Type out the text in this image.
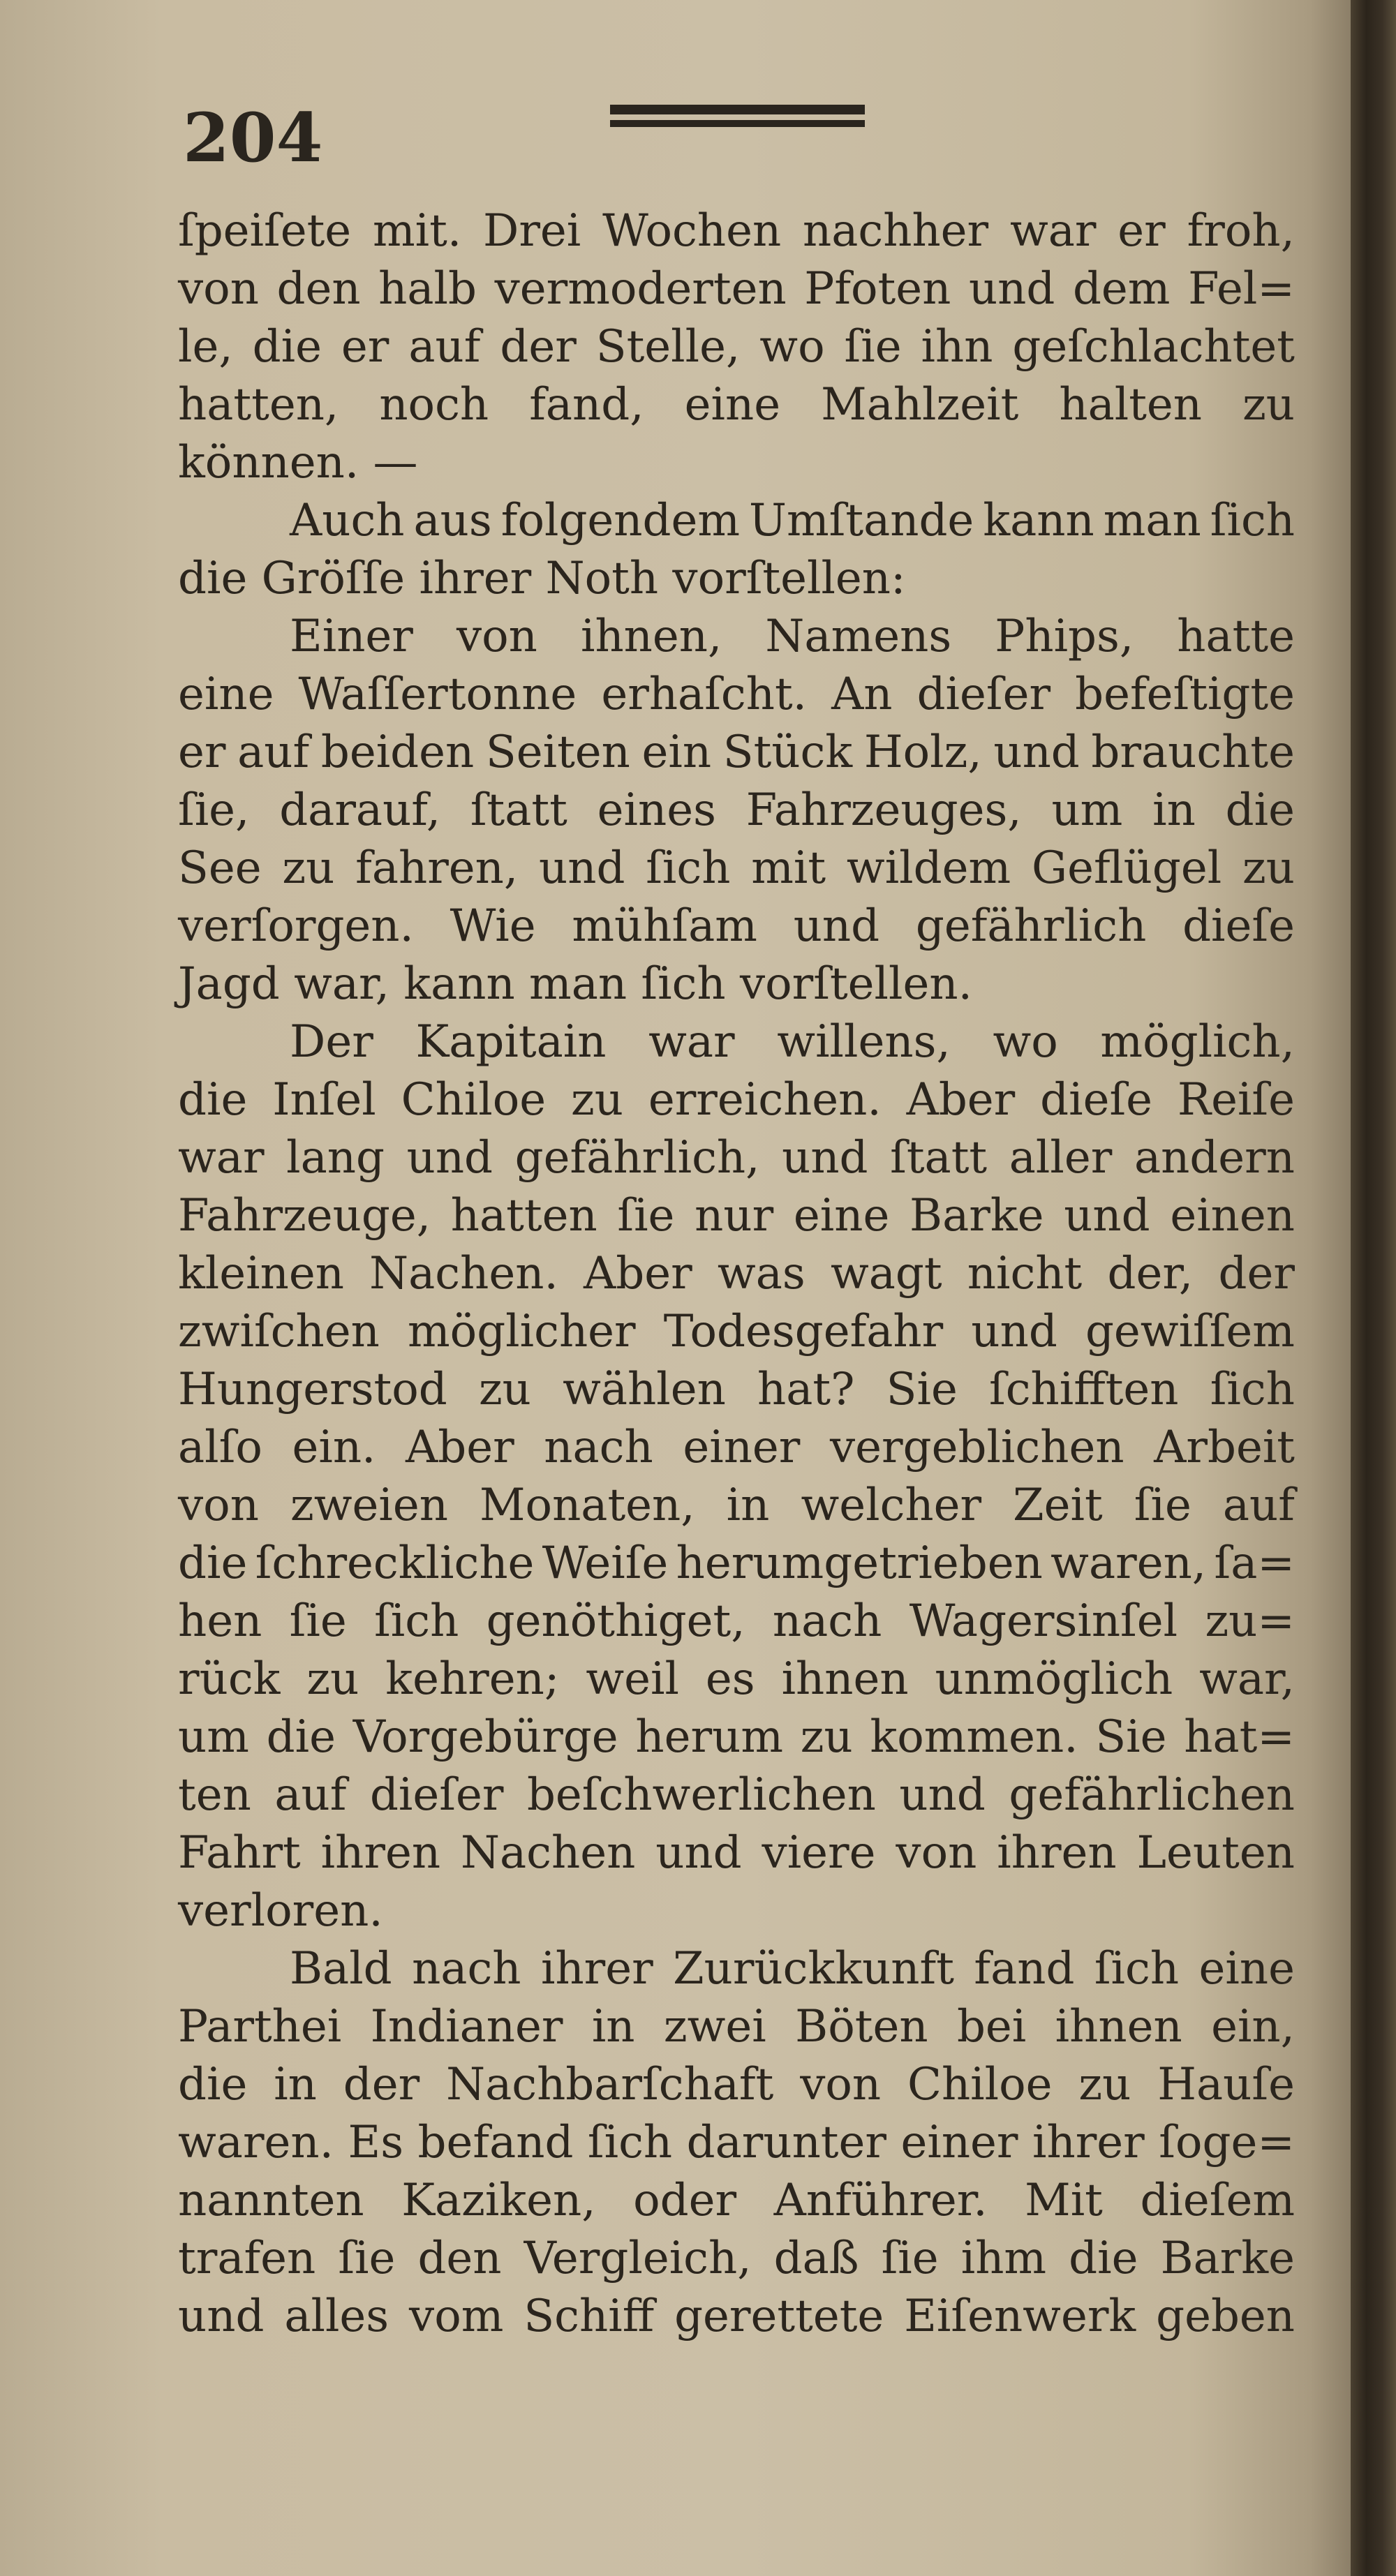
204
ſpeiſete mit. Drei Wochen nachher war er froh,
von den halb vermoderten Pfoten und dem Fel=
le, die er auf der Stelle, wo ſie ihn geſchlachtet
hatten, noch fand, eine Mahlzeit halten zu
können. —
Auch aus folgendem Umſtande kann man ſich
die Gröſſe ihrer Noth vorſtellen:
Einer von ihnen, Namens Phips, hatte
eine Waſſertonne erhaſcht. An dieſer befeſtigte
er auf beiden Seiten ein Stück Holz, und brauchte
ſie, darauf, ſtatt eines Fahrzeuges, um in die
See zu fahren, und ſich mit wildem Geflügel zu
verſorgen. Wie mühſam und gefährlich dieſe
Jagd war, kann man ſich vorſtellen.
Der Kapitain war willens, wo möglich,
die Inſel Chiloe zu erreichen. Aber dieſe Reiſe
war lang und gefährlich, und ſtatt aller andern
Fahrzeuge, hatten ſie nur eine Barke und einen
kleinen Nachen. Aber was wagt nicht der, der
zwiſchen möglicher Todesgefahr und gewiſſem
Hungerstod zu wählen hat? Sie ſchifften ſich
alſo ein. Aber nach einer vergeblichen Arbeit
von zweien Monaten, in welcher Zeit ſie auf
die ſchreckliche Weiſe herumgetrieben waren, ſa=
hen ſie ſich genöthiget, nach Wagersinſel zu=
rück zu kehren; weil es ihnen unmöglich war,
um die Vorgebürge herum zu kommen. Sie hat=
ten auf dieſer beſchwerlichen und gefährlichen
Fahrt ihren Nachen und viere von ihren Leuten
verloren.
Bald nach ihrer Zurückkunft fand ſich eine
Parthei Indianer in zwei Böten bei ihnen ein,
die in der Nachbarſchaft von Chiloe zu Hauſe
waren. Es befand ſich darunter einer ihrer ſoge=
nannten Kaziken, oder Anführer. Mit dieſem
trafen ſie den Vergleich, daß ſie ihm die Barke
und alles vom Schiff gerettete Eiſenwerk geben
